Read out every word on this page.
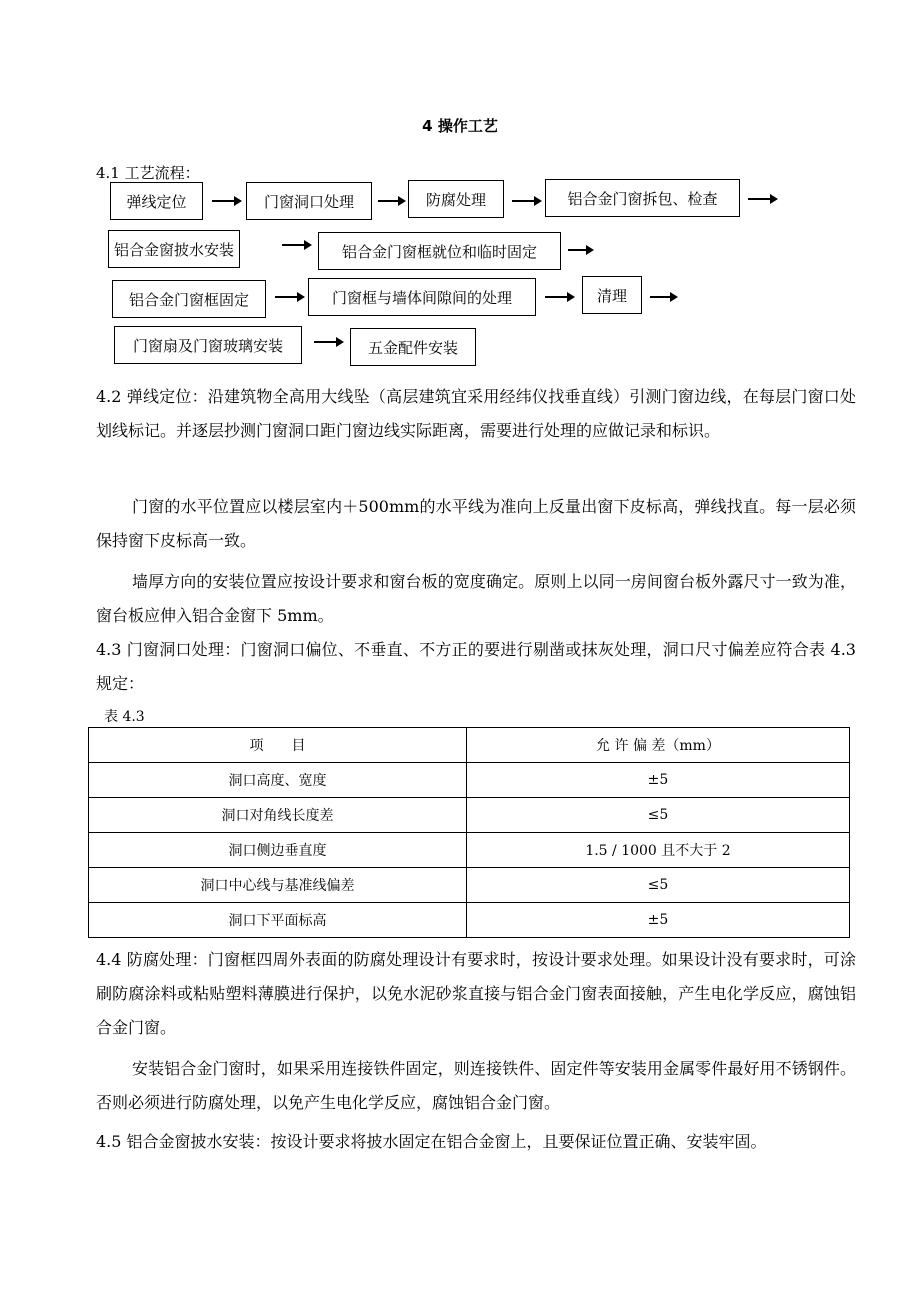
4 操作工艺
4.1 工艺流程：
弹线定位	门窗洞口处理	防腐处理	铝合金门窗拆包、检查
铝合金窗披水安装	铝合金门窗框就位和临时固定
铝合金门窗框固定	门窗框与墙体间隙间的处理	清理
门窗扇及门窗玻璃安装	五金配件安装
4.2 弹线定位：沿建筑物全高用大线坠（高层建筑宜采用经纬仪找垂直线）引测门窗边线，在每层门窗口处划线标记。并逐层抄测门窗洞口距门窗边线实际距离，需要进行处理的应做记录和标识。
门窗的水平位置应以楼层室内＋500mm的水平线为准向上反量出窗下皮标高，弹线找直。每一层必须保持窗下皮标高一致。
墙厚方向的安装位置应按设计要求和窗台板的宽度确定。原则上以同一房间窗台板外露尺寸一致为准，窗台板应伸入铝合金窗下 5mm。
4.3 门窗洞口处理：门窗洞口偏位、不垂直、不方正的要进行剔凿或抹灰处理，洞口尺寸偏差应符合表 4.3 规定：
表 4.3
项　　目	允 许 偏 差（mm）
洞口高度、宽度	±5
洞口对角线长度差	≤5
洞口侧边垂直度	1.5 / 1000 且不大于 2
洞口中心线与基准线偏差	≤5
洞口下平面标高	±5
4.4 防腐处理：门窗框四周外表面的防腐处理设计有要求时，按设计要求处理。如果设计没有要求时，可涂刷防腐涂料或粘贴塑料薄膜进行保护，以免水泥砂浆直接与铝合金门窗表面接触，产生电化学反应，腐蚀铝合金门窗。
安装铝合金门窗时，如果采用连接铁件固定，则连接铁件、固定件等安装用金属零件最好用不锈钢件。否则必须进行防腐处理，以免产生电化学反应，腐蚀铝合金门窗。
4.5 铝合金窗披水安装：按设计要求将披水固定在铝合金窗上，且要保证位置正确、安装牢固。
